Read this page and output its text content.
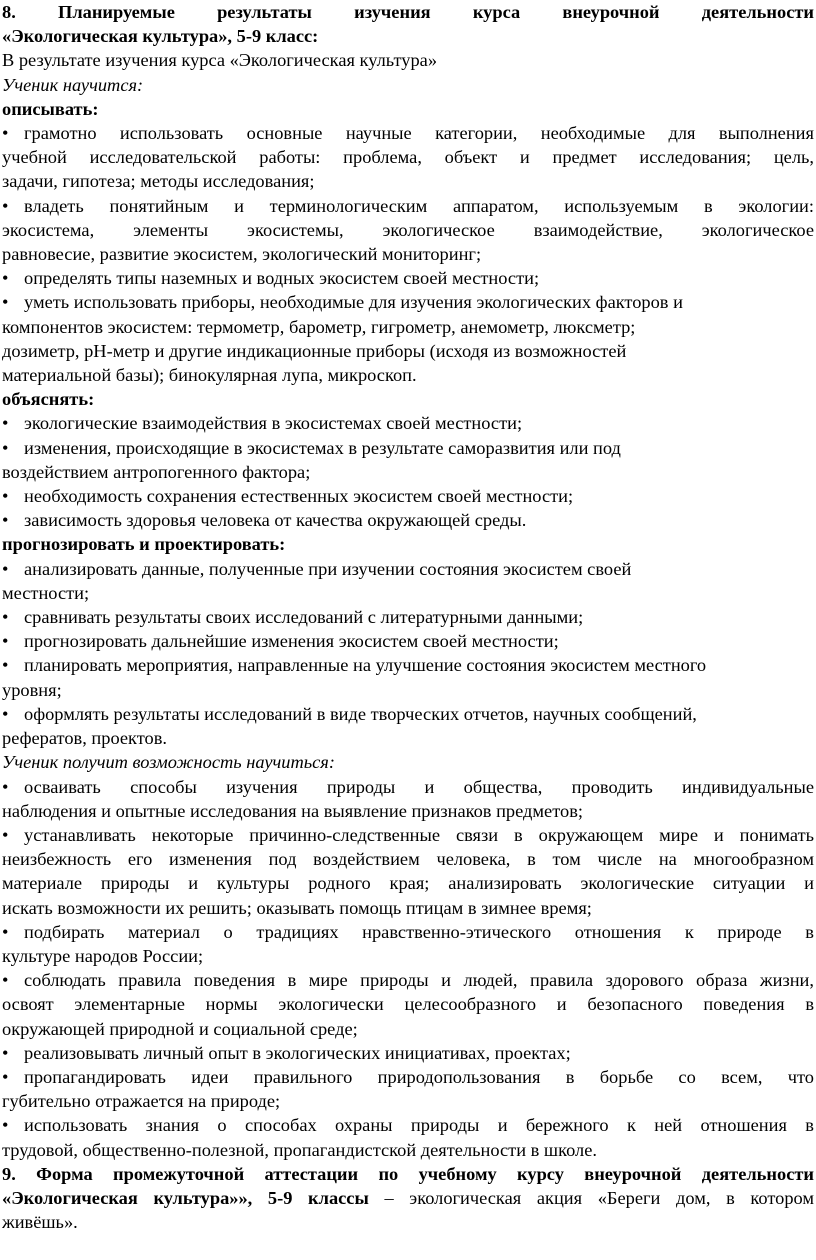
8. Планируемые результаты изучения курса внеурочной деятельности
«Экологическая культура», 5-9 класс:
В результате изучения курса «Экологическая культура»
Ученик научится:
описывать:
• грамотно использовать основные научные категории, необходимые для выполнения
учебной исследовательской работы: проблема, объект и предмет исследования; цель,
задачи, гипотеза; методы исследования;
• владеть понятийным и терминологическим аппаратом, используемым в экологии:
экосистема, элементы экосистемы, экологическое взаимодействие, экологическое
равновесие, развитие экосистем, экологический мониторинг;
• определять типы наземных и водных экосистем своей местности;
• уметь использовать приборы, необходимые для изучения экологических факторов и
компонентов экосистем: термометр, барометр, гигрометр, анемометр, люксметр;
дозиметр, pH-метр и другие индикационные приборы (исходя из возможностей
материальной базы); бинокулярная лупа, микроскоп.
объяснять:
• экологические взаимодействия в экосистемах своей местности;
• изменения, происходящие в экосистемах в результате саморазвития или под
воздействием антропогенного фактора;
• необходимость сохранения естественных экосистем своей местности;
• зависимость здоровья человека от качества окружающей среды.
прогнозировать и проектировать:
• анализировать данные, полученные при изучении состояния экосистем своей
местности;
• сравнивать результаты своих исследований с литературными данными;
• прогнозировать дальнейшие изменения экосистем своей местности;
• планировать мероприятия, направленные на улучшение состояния экосистем местного
уровня;
• оформлять результаты исследований в виде творческих отчетов, научных сообщений,
рефератов, проектов.
Ученик получит возможность научиться:
• осваивать способы изучения природы и общества, проводить индивидуальные
наблюдения и опытные исследования на выявление признаков предметов;
• устанавливать некоторые причинно-следственные связи в окружающем мире и понимать
неизбежность его изменения под воздействием человека, в том числе на многообразном
материале природы и культуры родного края; анализировать экологические ситуации и
искать возможности их решить; оказывать помощь птицам в зимнее время;
• подбирать материал о традициях нравственно-этического отношения к природе в
культуре народов России;
• соблюдать правила поведения в мире природы и людей, правила здорового образа жизни,
освоят элементарные нормы экологически целесообразного и безопасного поведения в
окружающей природной и социальной среде;
• реализовывать личный опыт в экологических инициативах, проектах;
• пропагандировать идеи правильного природопользования в борьбе со всем, что
губительно отражается на природе;
• использовать знания о способах охраны природы и бережного к ней отношения в
трудовой, общественно-полезной, пропагандистской деятельности в школе.
9. Форма промежуточной аттестации по учебному курсу внеурочной деятельности
«Экологическая культура»», 5-9 классы – экологическая акция «Береги дом, в котором
живёшь».
